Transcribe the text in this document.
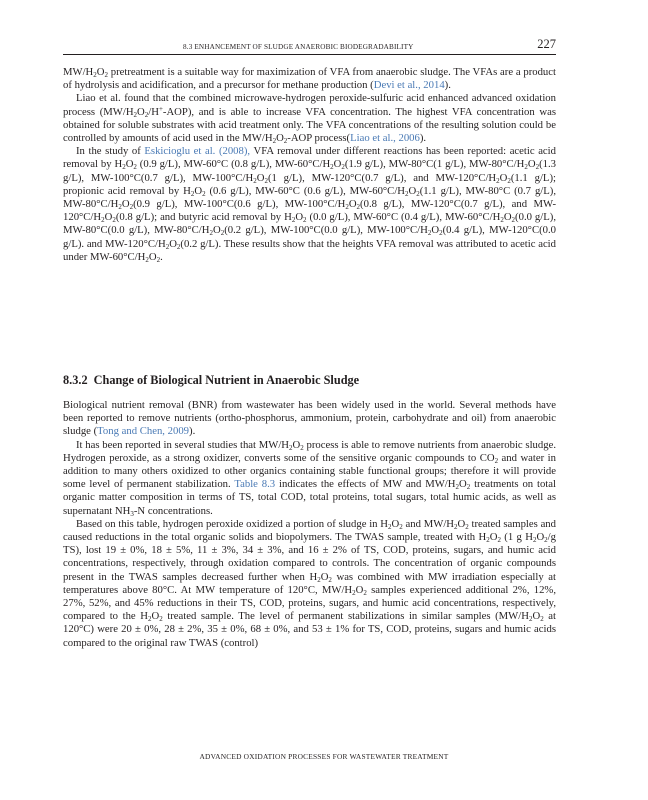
8.3 ENHANCEMENT OF SLUDGE ANAEROBIC BIODEGRADABILITY	227

$MW/H_2O_2$ pretreatment is a suitable way for maximization of VFA from anaerobic sludge. The VFAs are a product of hydrolysis and acidification, and a precursor for methane production (Devi et al., 2014).

Liao et al. found that the combined microwave-hydrogen peroxide-sulfuric acid enhanced advanced oxidation process $(MW/H_2O_2/H^+-AOP)$, and is able to increase VFA concentration. The highest VFA concentration was obtained for soluble substrates with acid treatment only. The VFA concentrations of the resulting solution could be controlled by amounts of acid used in the $MW/H_2O_2$-AOP process(Liao et al., 2006).

In the study of Eskicioglu et al. (2008), VFA removal under different reactions has been reported: acetic acid removal by $H_2O_2$ (0.9 g/L), MW-60°C (0.8 g/L), $MW-60^\circ C/H_2O_2(1.9$ g/L), MW-80°C(1 g/L), $MW-80^\circ C/H_2O_2(1.3$ g/L), MW-100°C(0.7 g/L), $MW-100^\circ C/H_2O_2(1$ g/L), MW-120°C(0.7 g/L), and $MW-120^\circ C/H_2O_2(1.1$ g/L); propionic acid removal by $H_2O_2$ (0.6 g/L), MW-60°C (0.6 g/L), $MW-60^\circ C/H_2O_2(1.1$ g/L), MW-80°C (0.7 g/L), $MW-80^\circ C/H_2O_2(0.9$ g/L), MW-100°C(0.6 g/L), $MW-100^\circ C/H_2O_2(0.8$ g/L), MW-120°C(0.7 g/L), and $MW-120^\circ C/H_2O_2(0.8$ g/L); and butyric acid removal by $H_2O_2$ (0.0 g/L), MW-60°C (0.4 g/L), $MW-60^\circ C/H_2O_2(0.0$ g/L), MW-80°C(0.0 g/L), $MW-80^\circ C/H_2O_2(0.2$ g/L), MW-100°C(0.0 g/L), $MW-100^\circ C/H_2O_2(0.4$ g/L), MW-120°C(0.0 g/L). and $MW-120^\circ C/H_2O_2(0.2$ g/L). These results show that the heights VFA removal was attributed to acetic acid under $MW-60^\circ C/H_2O_2$.

8.3.2 Change of Biological Nutrient in Anaerobic Sludge

Biological nutrient removal (BNR) from wastewater has been widely used in the world. Several methods have been reported to remove nutrients (ortho-phosphorus, ammonium, protein, carbohydrate and oil) from anaerobic sludge (Tong and Chen, 2009).

It has been reported in several studies that $MW/H_2O_2$ process is able to remove nutrients from anaerobic sludge. Hydrogen peroxide, as a strong oxidizer, converts some of the sensitive organic compounds to $CO_2$ and water in addition to many others oxidized to other organics containing stable functional groups; therefore it will provide some level of permanent stabilization. Table 8.3 indicates the effects of MW and $MW/H_2O_2$ treatments on total organic matter composition in terms of TS, total COD, total proteins, total sugars, total humic acids, as well as supernatant $NH_3-N$ concentrations.

Based on this table, hydrogen peroxide oxidized a portion of sludge in $H_2O_2$ and $MW/H_2O_2$ treated samples and caused reductions in the total organic solids and biopolymers. The TWAS sample, treated with $H_2O_2$ (1 g $H_2O_2/g$ TS), lost 19 ± 0%, 18 ± 5%, 11 ± 3%, 34 ± 3%, and 16 ± 2% of TS, COD, proteins, sugars, and humic acid concentrations, respectively, through oxidation compared to controls. The concentration of organic compounds present in the TWAS samples decreased further when $H_2O_2$ was combined with MW irradiation especially at temperatures above 80°C. At MW temperature of 120°C, $MW/H_2O_2$ samples experienced additional 2%, 12%, 27%, 52%, and 45% reductions in their TS, COD, proteins, sugars, and humic acid concentrations, respectively, compared to the $H_2O_2$ treated sample. The level of permanent stabilizations in similar samples ($MW/H_2O_2$ at 120°C) were 20 ± 0%, 28 ± 2%, 35 ± 0%, 68 ± 0%, and 53 ± 1% for TS, COD, proteins, sugars and humic acids compared to the original raw TWAS (control)

ADVANCED OXIDATION PROCESSES FOR WASTEWATER TREATMENT
